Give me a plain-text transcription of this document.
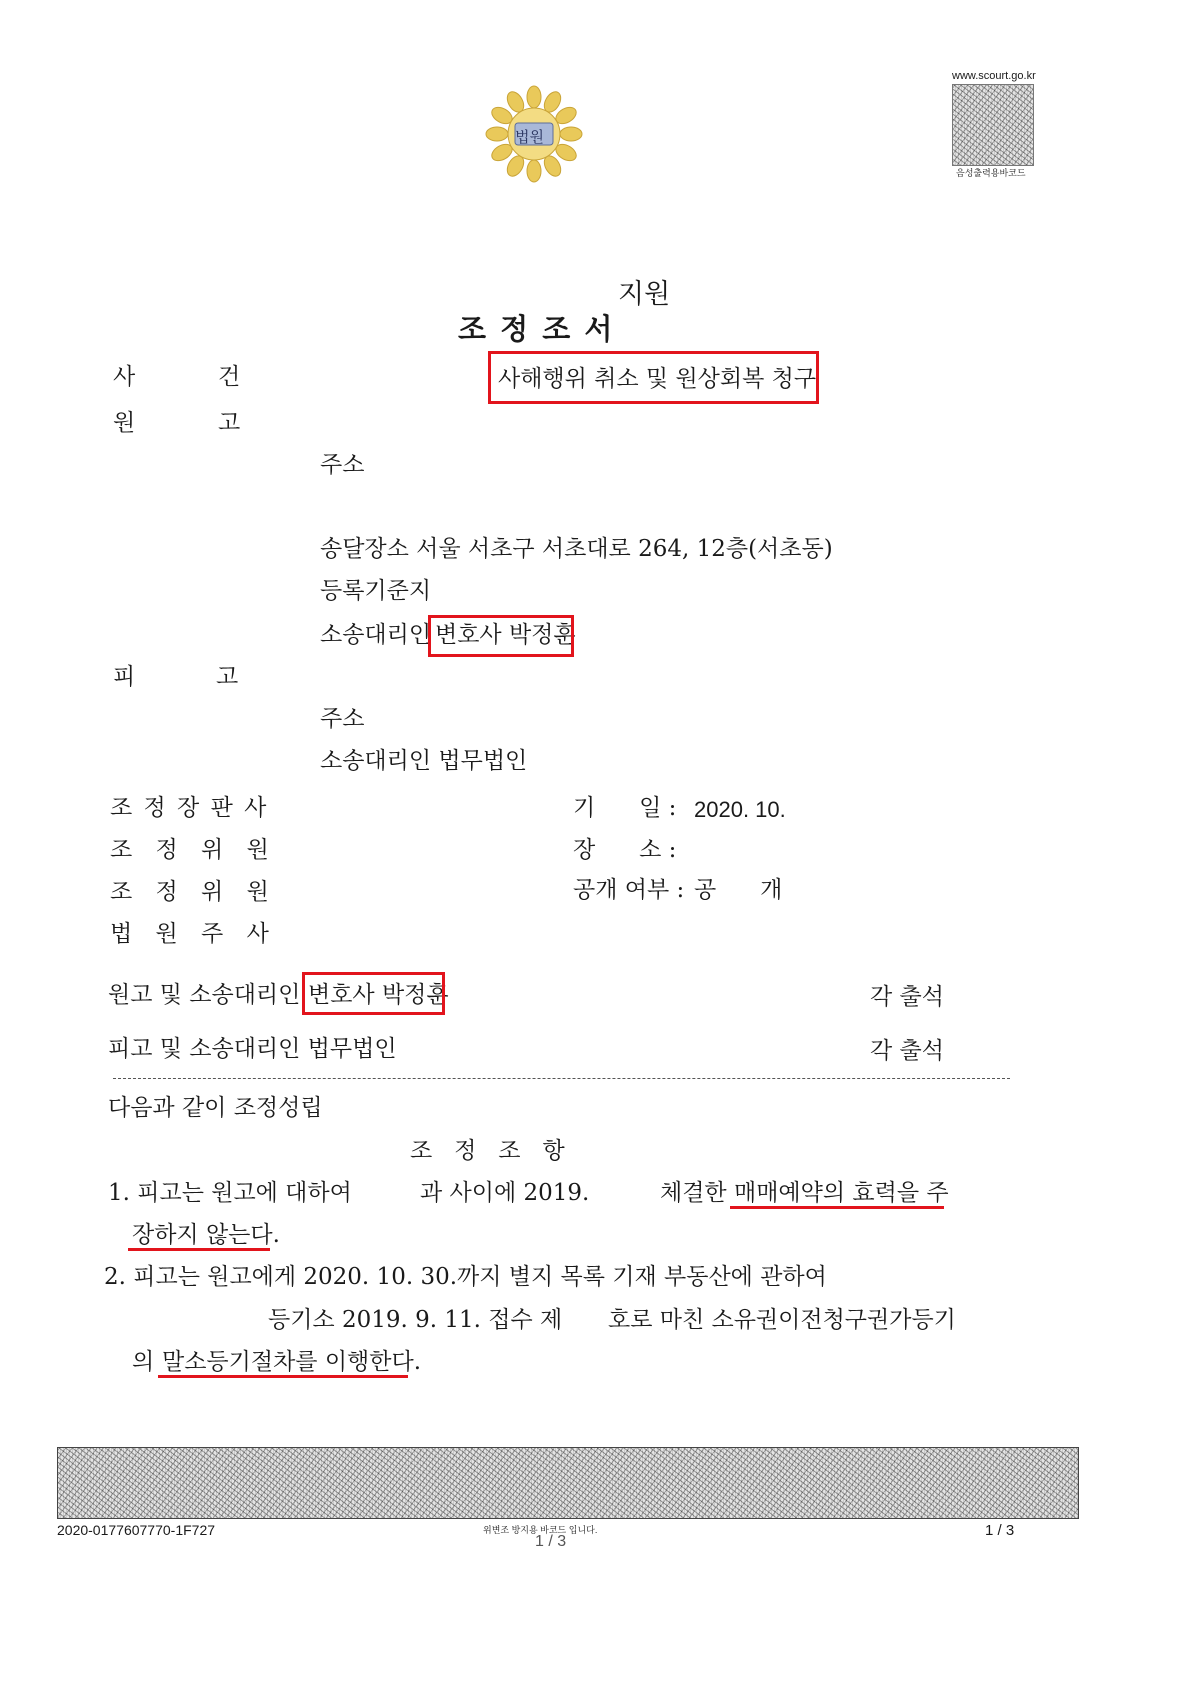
법원
www.scourt.go.kr
음성출력용바코드
지원
조 정 조 서
사	건	사해행위 취소 및 원상회복 청구
원	고
주소
송달장소 서울 서초구 서초대로 264, 12층(서초동)
등록기준지
소송대리인 변호사 박정훈
피	고
주소
소송대리인 법무법인
조 정 장 판 사
조 정 위 원
조 정 위 원
법 원 주 사
기      일 : 2020. 10.
장      소 :
공개 여부 : 공      개
원고 및 소송대리인 변호사 박정훈	각 출석
피고 및 소송대리인 법무법인	각 출석
다음과 같이 조정성립
조   정   조   항
1. 피고는 원고에 대하여	과 사이에 2019.	체결한 매매예약의 효력을 주
장하지 않는다.
2. 피고는 원고에게 2020. 10. 30.까지 별지 목록 기재 부동산에 관하여
등기소 2019. 9. 11. 접수 제 호로 마친 소유권이전청구권가등기
의 말소등기절차를 이행한다.
2020-0177607770-1F727	위변조 방지용 바코드 입니다.
1 / 3
1 / 3
